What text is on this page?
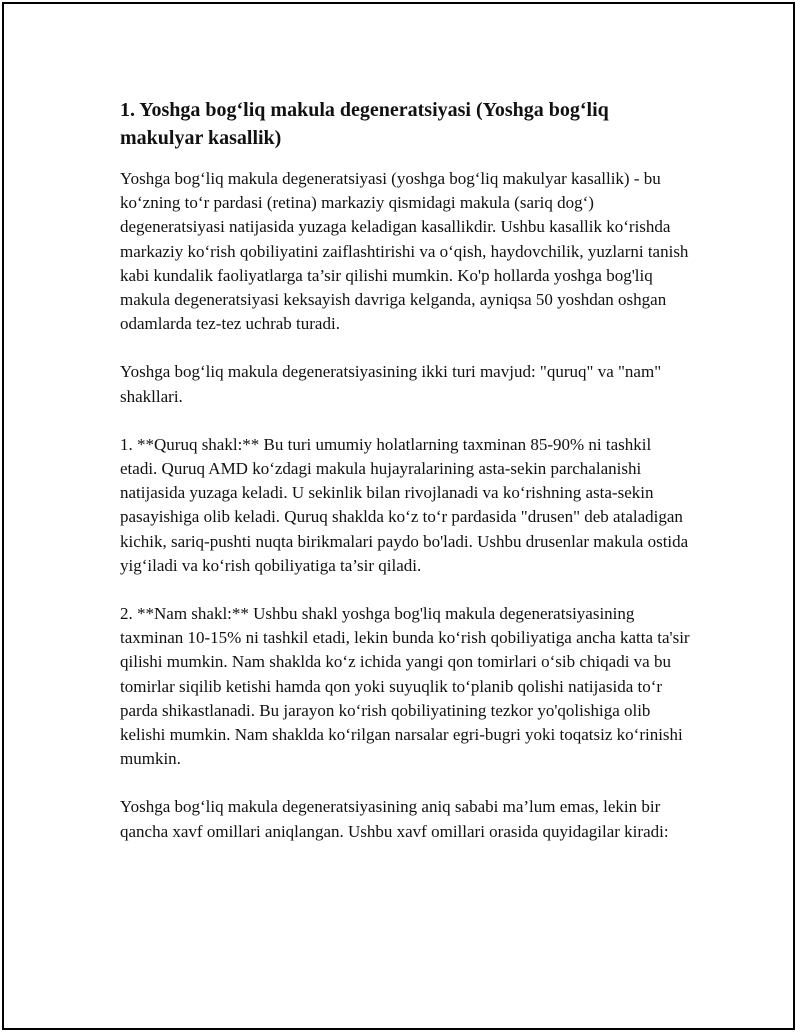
1. Yoshga bog‘liq makula degeneratsiyasi (Yoshga bog‘liq makulyar kasallik)

Yoshga bog‘liq makula degeneratsiyasi (yoshga bog‘liq makulyar kasallik) - bu ko‘zning to‘r pardasi (retina) markaziy qismidagi makula (sariq dog‘) degeneratsiyasi natijasida yuzaga keladigan kasallikdir. Ushbu kasallik ko‘rishda markaziy ko‘rish qobiliyatini zaiflashtirishi va o‘qish, haydovchilik, yuzlarni tanish kabi kundalik faoliyatlarga ta’sir qilishi mumkin. Ko'p hollarda yoshga bog'liq makula degeneratsiyasi keksayish davriga kelganda, ayniqsa 50 yoshdan oshgan odamlarda tez-tez uchrab turadi.

Yoshga bog‘liq makula degeneratsiyasining ikki turi mavjud: "quruq" va "nam" shakllari.

1. **Quruq shakl:** Bu turi umumiy holatlarning taxminan 85-90% ni tashkil etadi. Quruq AMD ko‘zdagi makula hujayralarining asta-sekin parchalanishi natijasida yuzaga keladi. U sekinlik bilan rivojlanadi va ko‘rishning asta-sekin pasayishiga olib keladi. Quruq shaklda ko‘z to‘r pardasida "drusen" deb ataladigan kichik, sariq-pushti nuqta birikmalari paydo bo'ladi. Ushbu drusenlar makula ostida yig‘iladi va ko‘rish qobiliyatiga ta’sir qiladi.

2. **Nam shakl:** Ushbu shakl yoshga bog'liq makula degeneratsiyasining taxminan 10-15% ni tashkil etadi, lekin bunda ko‘rish qobiliyatiga ancha katta ta'sir qilishi mumkin. Nam shaklda ko‘z ichida yangi qon tomirlari o‘sib chiqadi va bu tomirlar siqilib ketishi hamda qon yoki suyuqlik to‘planib qolishi natijasida to‘r parda shikastlanadi. Bu jarayon ko‘rish qobiliyatining tezkor yo'qolishiga olib kelishi mumkin. Nam shaklda ko‘rilgan narsalar egri-bugri yoki toqatsiz ko‘rinishi mumkin.

Yoshga bog‘liq makula degeneratsiyasining aniq sababi ma’lum emas, lekin bir qancha xavf omillari aniqlangan. Ushbu xavf omillari orasida quyidagilar kiradi:
